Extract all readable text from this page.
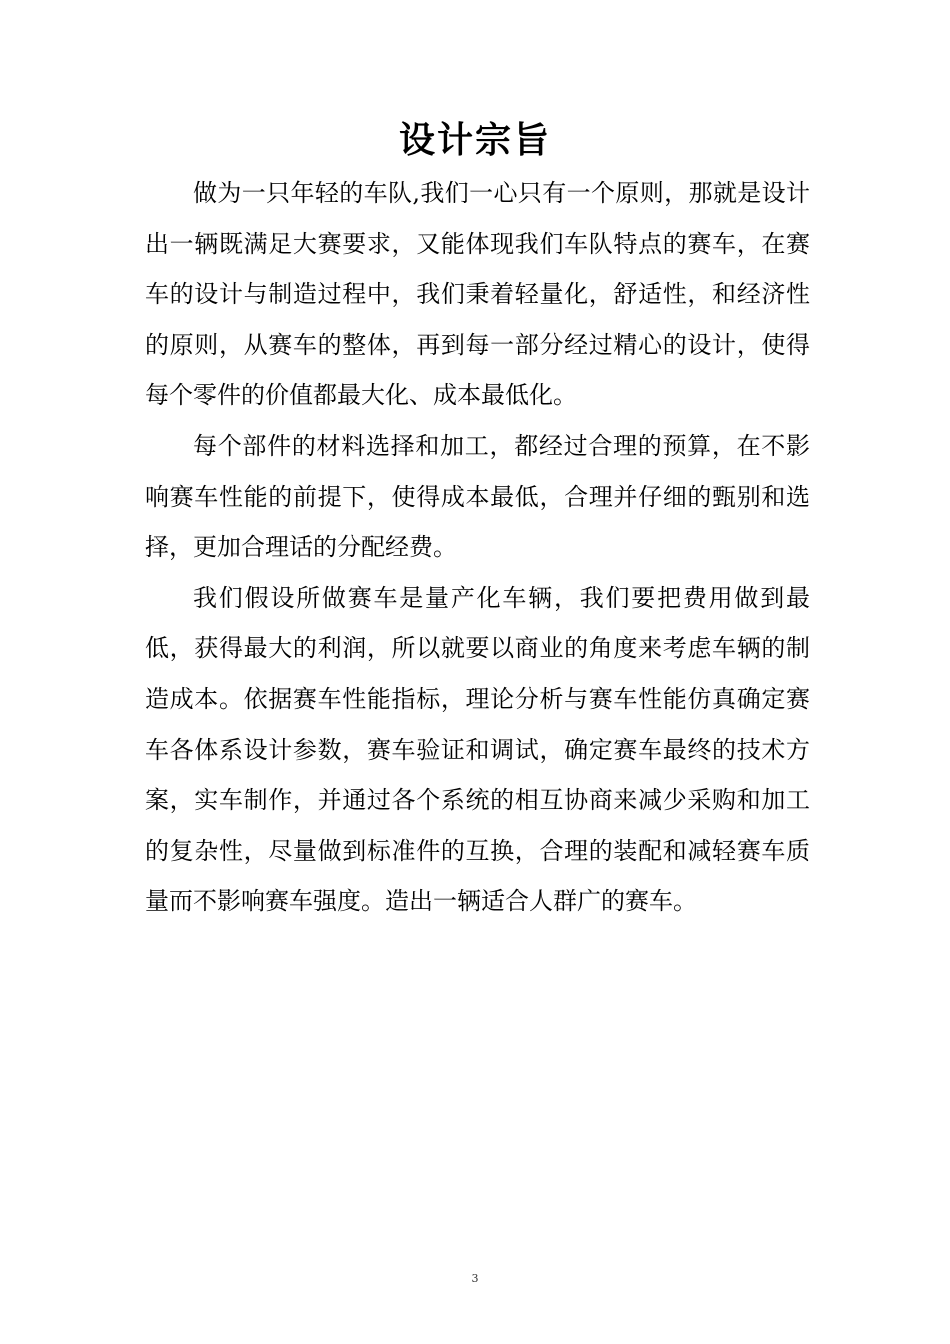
设计宗旨

做为一只年轻的车队,我们一心只有一个原则，那就是设计出一辆既满足大赛要求，又能体现我们车队特点的赛车，在赛车的设计与制造过程中，我们秉着轻量化，舒适性，和经济性的原则，从赛车的整体，再到每一部分经过精心的设计，使得每个零件的价值都最大化、成本最低化。

每个部件的材料选择和加工，都经过合理的预算，在不影响赛车性能的前提下，使得成本最低，合理并仔细的甄别和选择，更加合理话的分配经费。

我们假设所做赛车是量产化车辆，我们要把费用做到最低，获得最大的利润，所以就要以商业的角度来考虑车辆的制造成本。依据赛车性能指标，理论分析与赛车性能仿真确定赛车各体系设计参数，赛车验证和调试，确定赛车最终的技术方案，实车制作，并通过各个系统的相互协商来减少采购和加工的复杂性，尽量做到标准件的互换，合理的装配和减轻赛车质量而不影响赛车强度。造出一辆适合人群广的赛车。

3
